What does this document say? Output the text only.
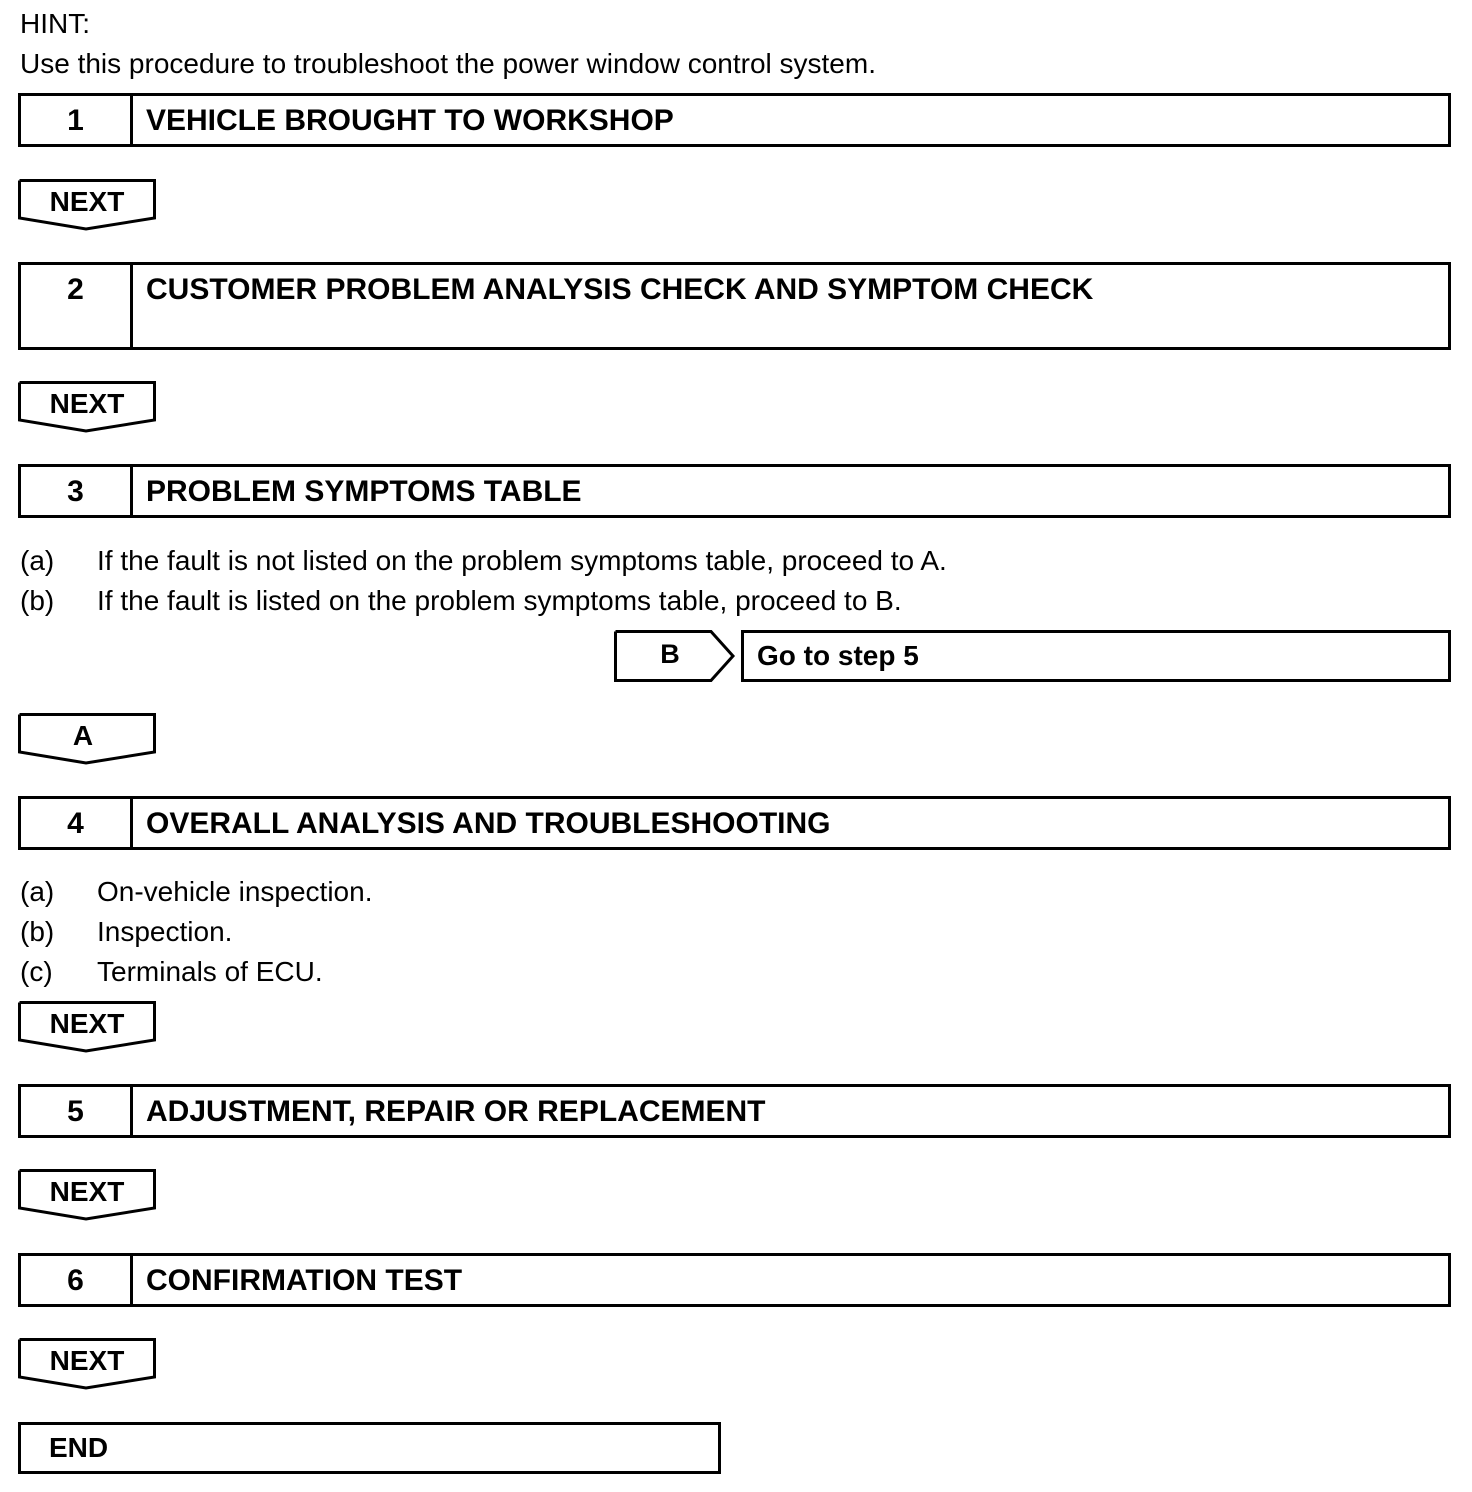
HINT:
Use this procedure to troubleshoot the power window control system.
1	VEHICLE BROUGHT TO WORKSHOP
NEXT
2	CUSTOMER PROBLEM ANALYSIS CHECK AND SYMPTOM CHECK
NEXT
3	PROBLEM SYMPTOMS TABLE
(a) If the fault is not listed on the problem symptoms table, proceed to A.
(b) If the fault is listed on the problem symptoms table, proceed to B.
B	Go to step 5
A
4	OVERALL ANALYSIS AND TROUBLESHOOTING
(a) On-vehicle inspection.
(b) Inspection.
(c) Terminals of ECU.
NEXT
5	ADJUSTMENT, REPAIR OR REPLACEMENT
NEXT
6	CONFIRMATION TEST
NEXT
END
